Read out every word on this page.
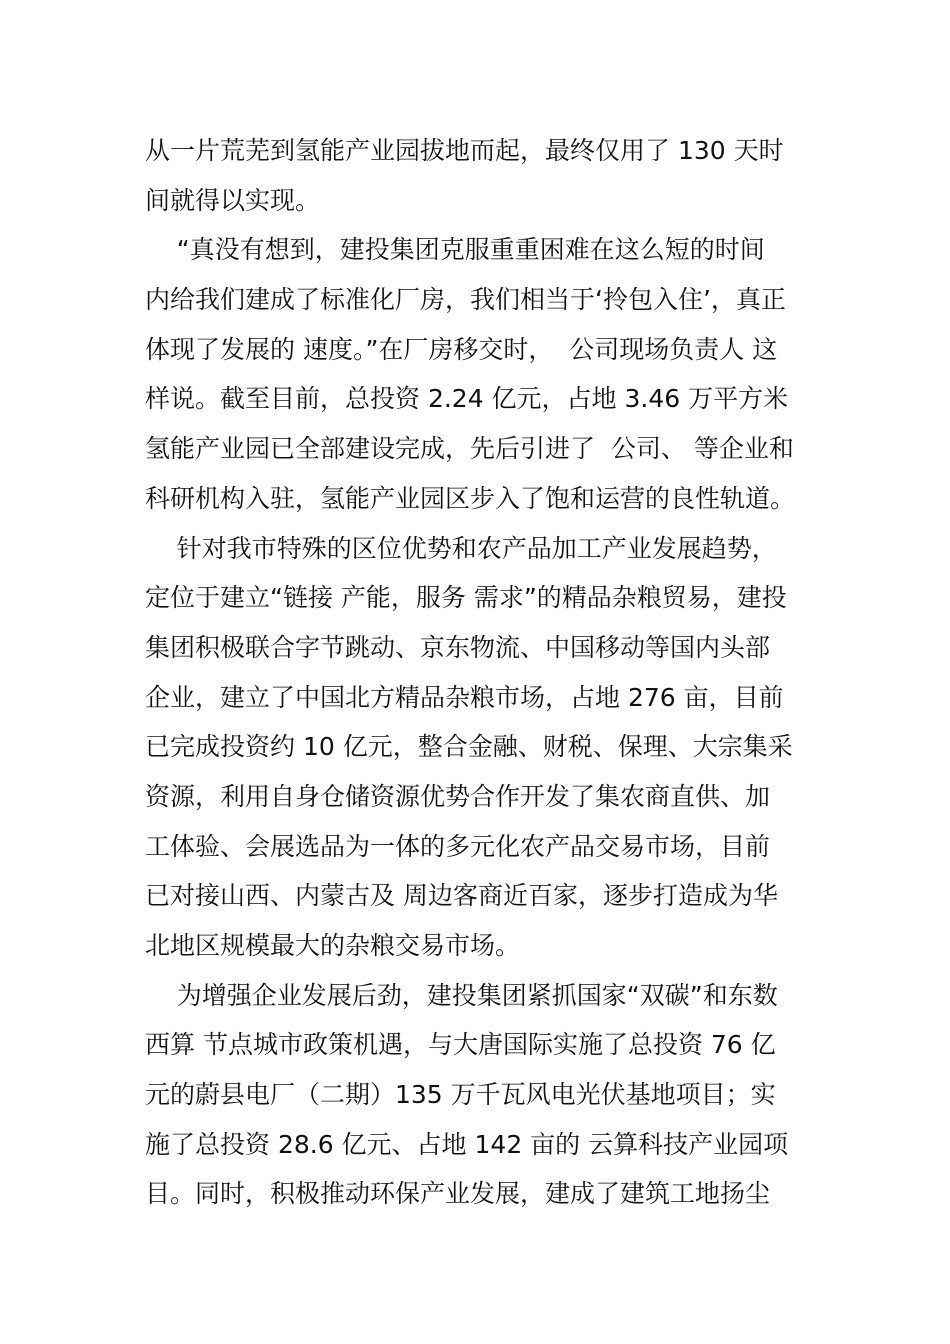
从一片荒芜到氢能产业园拔地而起，最终仅用了 130 天时
间就得以实现。
“真没有想到，建投集团克服重重困难在这么短的时间
内给我们建成了标准化厂房，我们相当于‘拎包入住’，真正
体现了发展的 速度。”在厂房移交时，  公司现场负责人 这
样说。截至目前，总投资 2.24 亿元，占地 3.46 万平方米
氢能产业园已全部建设完成，先后引进了  公司、 等企业和
科研机构入驻，氢能产业园区步入了饱和运营的良性轨道。
针对我市特殊的区位优势和农产品加工产业发展趋势，
定位于建立“链接 产能，服务 需求”的精品杂粮贸易，建投
集团积极联合字节跳动、京东物流、中国移动等国内头部
企业，建立了中国北方精品杂粮市场，占地 276 亩，目前
已完成投资约 10 亿元，整合金融、财税、保理、大宗集采
资源，利用自身仓储资源优势合作开发了集农商直供、加
工体验、会展选品为一体的多元化农产品交易市场，目前
已对接山西、内蒙古及 周边客商近百家，逐步打造成为华
北地区规模最大的杂粮交易市场。
为增强企业发展后劲，建投集团紧抓国家“双碳”和东数
西算 节点城市政策机遇，与大唐国际实施了总投资 76 亿
元的蔚县电厂（二期）135 万千瓦风电光伏基地项目；实
施了总投资 28.6 亿元、占地 142 亩的 云算科技产业园项
目。同时，积极推动环保产业发展，建成了建筑工地扬尘
